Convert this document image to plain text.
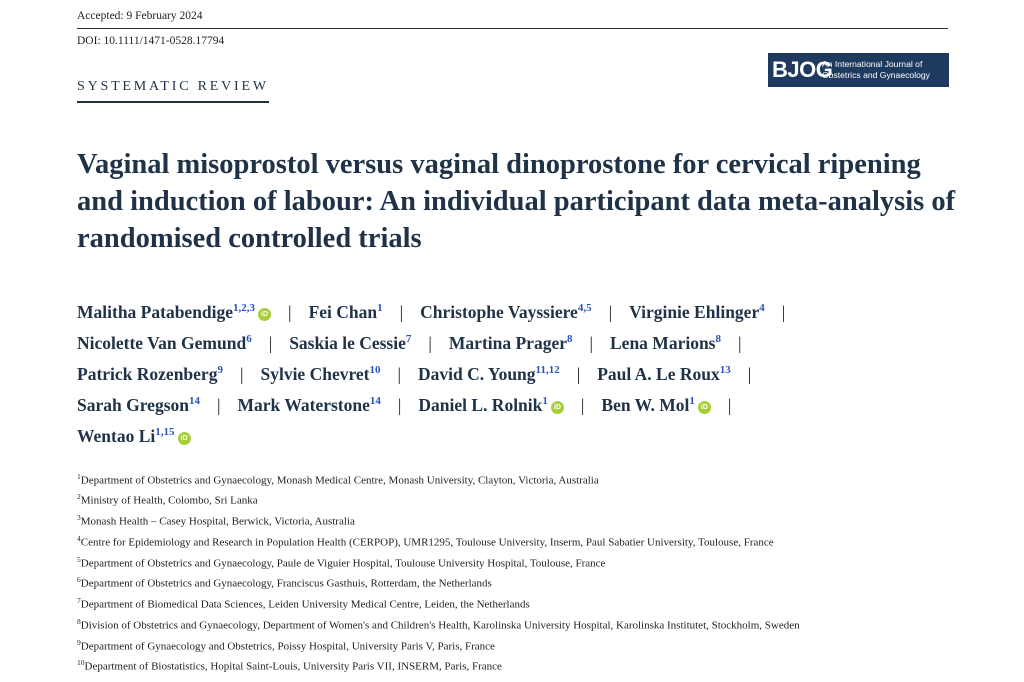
Accepted: 9 February 2024
DOI: 10.1111/1471-0528.17794
SYSTEMATIC REVIEW
BJOG
An International Journal of
Obstetrics and Gynaecology
Vaginal misoprostol versus vaginal dinoprostone for cervical ripening and induction of labour: An individual participant data meta-analysis of randomised controlled trials
Malitha Patabendige$^{1,2,3}$iD | Fei Chan$^1$ | Christophe Vayssiere$^{4,5}$ | Virginie Ehlinger$^4$ |
Nicolette Van Gemund$^6$ | Saskia le Cessie$^7$ | Martina Prager$^8$ | Lena Marions$^8$ |
Patrick Rozenberg$^9$ | Sylvie Chevret$^{10}$ | David C. Young$^{11,12}$ | Paul A. Le Roux$^{13}$ |
Sarah Gregson$^{14}$ | Mark Waterstone$^{14}$ | Daniel L. Rolnik$^1$iD | Ben W. Mol$^1$iD |
Wentao Li$^{1,15}$iD
$^1$Department of Obstetrics and Gynaecology, Monash Medical Centre, Monash University, Clayton, Victoria, Australia
$^2$Ministry of Health, Colombo, Sri Lanka
$^3$Monash Health – Casey Hospital, Berwick, Victoria, Australia
$^4$Centre for Epidemiology and Research in Population Health (CERPOP), UMR1295, Toulouse University, Inserm, Paul Sabatier University, Toulouse, France
$^5$Department of Obstetrics and Gynaecology, Paule de Viguier Hospital, Toulouse University Hospital, Toulouse, France
$^6$Department of Obstetrics and Gynaecology, Franciscus Gasthuis, Rotterdam, the Netherlands
$^7$Department of Biomedical Data Sciences, Leiden University Medical Centre, Leiden, the Netherlands
$^8$Division of Obstetrics and Gynaecology, Department of Women's and Children's Health, Karolinska University Hospital, Karolinska Institutet, Stockholm, Sweden
$^9$Department of Gynaecology and Obstetrics, Poissy Hospital, University Paris V, Paris, France
$^{10}$Department of Biostatistics, Hopital Saint-Louis, University Paris VII, INSERM, Paris, France
